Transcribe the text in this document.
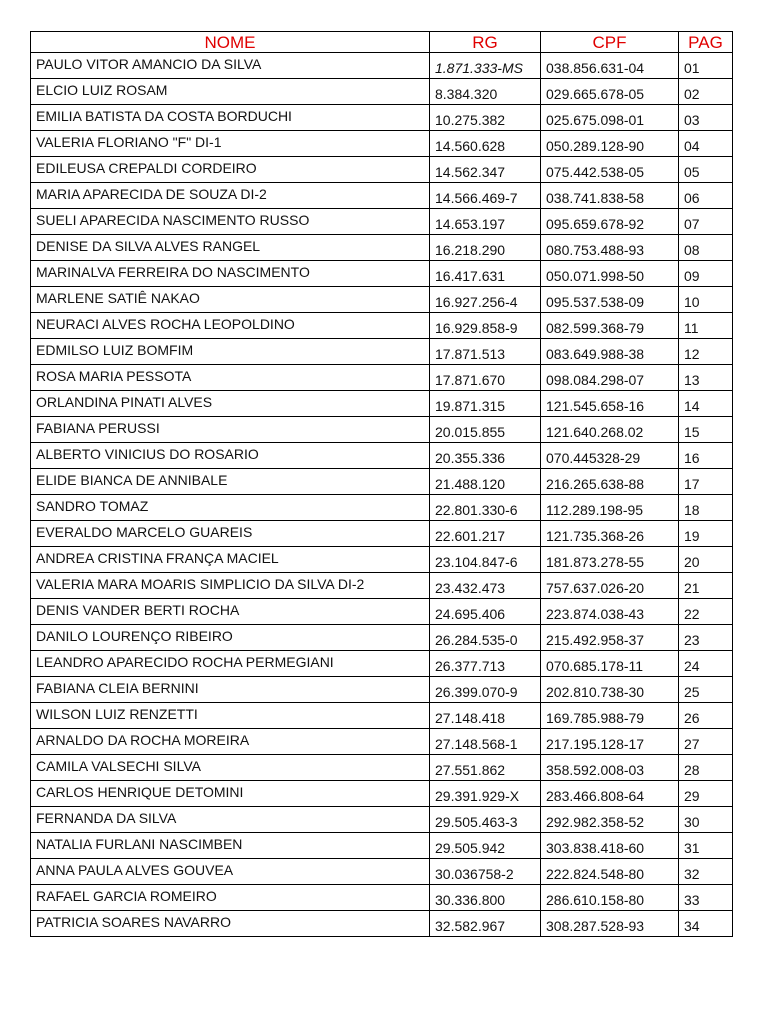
NOME	RG	CPF	PAG
PAULO VITOR AMANCIO DA SILVA	1.871.333-MS	038.856.631-04	01
ELCIO LUIZ ROSAM	8.384.320	029.665.678-05	02
EMILIA BATISTA DA COSTA BORDUCHI	10.275.382	025.675.098-01	03
VALERIA FLORIANO "F" DI-1	14.560.628	050.289.128-90	04
EDILEUSA CREPALDI CORDEIRO	14.562.347	075.442.538-05	05
MARIA APARECIDA DE SOUZA DI-2	14.566.469-7	038.741.838-58	06
SUELI APARECIDA NASCIMENTO RUSSO	14.653.197	095.659.678-92	07
DENISE DA SILVA ALVES RANGEL	16.218.290	080.753.488-93	08
MARINALVA FERREIRA DO NASCIMENTO	16.417.631	050.071.998-50	09
MARLENE SATIÊ NAKAO	16.927.256-4	095.537.538-09	10
NEURACI ALVES ROCHA LEOPOLDINO	16.929.858-9	082.599.368-79	11
EDMILSO LUIZ BOMFIM	17.871.513	083.649.988-38	12
ROSA MARIA PESSOTA	17.871.670	098.084.298-07	13
ORLANDINA PINATI ALVES	19.871.315	121.545.658-16	14
FABIANA PERUSSI	20.015.855	121.640.268.02	15
ALBERTO VINICIUS DO ROSARIO	20.355.336	070.445328-29	16
ELIDE BIANCA DE ANNIBALE	21.488.120	216.265.638-88	17
SANDRO TOMAZ	22.801.330-6	112.289.198-95	18
EVERALDO MARCELO GUAREIS	22.601.217	121.735.368-26	19
ANDREA CRISTINA FRANÇA MACIEL	23.104.847-6	181.873.278-55	20
VALERIA MARA MOARIS SIMPLICIO DA SILVA DI-2	23.432.473	757.637.026-20	21
DENIS VANDER BERTI ROCHA	24.695.406	223.874.038-43	22
DANILO LOURENÇO RIBEIRO	26.284.535-0	215.492.958-37	23
LEANDRO APARECIDO ROCHA PERMEGIANI	26.377.713	070.685.178-11	24
FABIANA CLEIA BERNINI	26.399.070-9	202.810.738-30	25
WILSON LUIZ RENZETTI	27.148.418	169.785.988-79	26
ARNALDO DA ROCHA MOREIRA	27.148.568-1	217.195.128-17	27
CAMILA VALSECHI SILVA	27.551.862	358.592.008-03	28
CARLOS HENRIQUE DETOMINI	29.391.929-X	283.466.808-64	29
FERNANDA DA SILVA	29.505.463-3	292.982.358-52	30
NATALIA FURLANI NASCIMBEN	29.505.942	303.838.418-60	31
ANNA PAULA ALVES GOUVEA	30.036758-2	222.824.548-80	32
RAFAEL GARCIA ROMEIRO	30.336.800	286.610.158-80	33
PATRICIA SOARES NAVARRO	32.582.967	308.287.528-93	34
